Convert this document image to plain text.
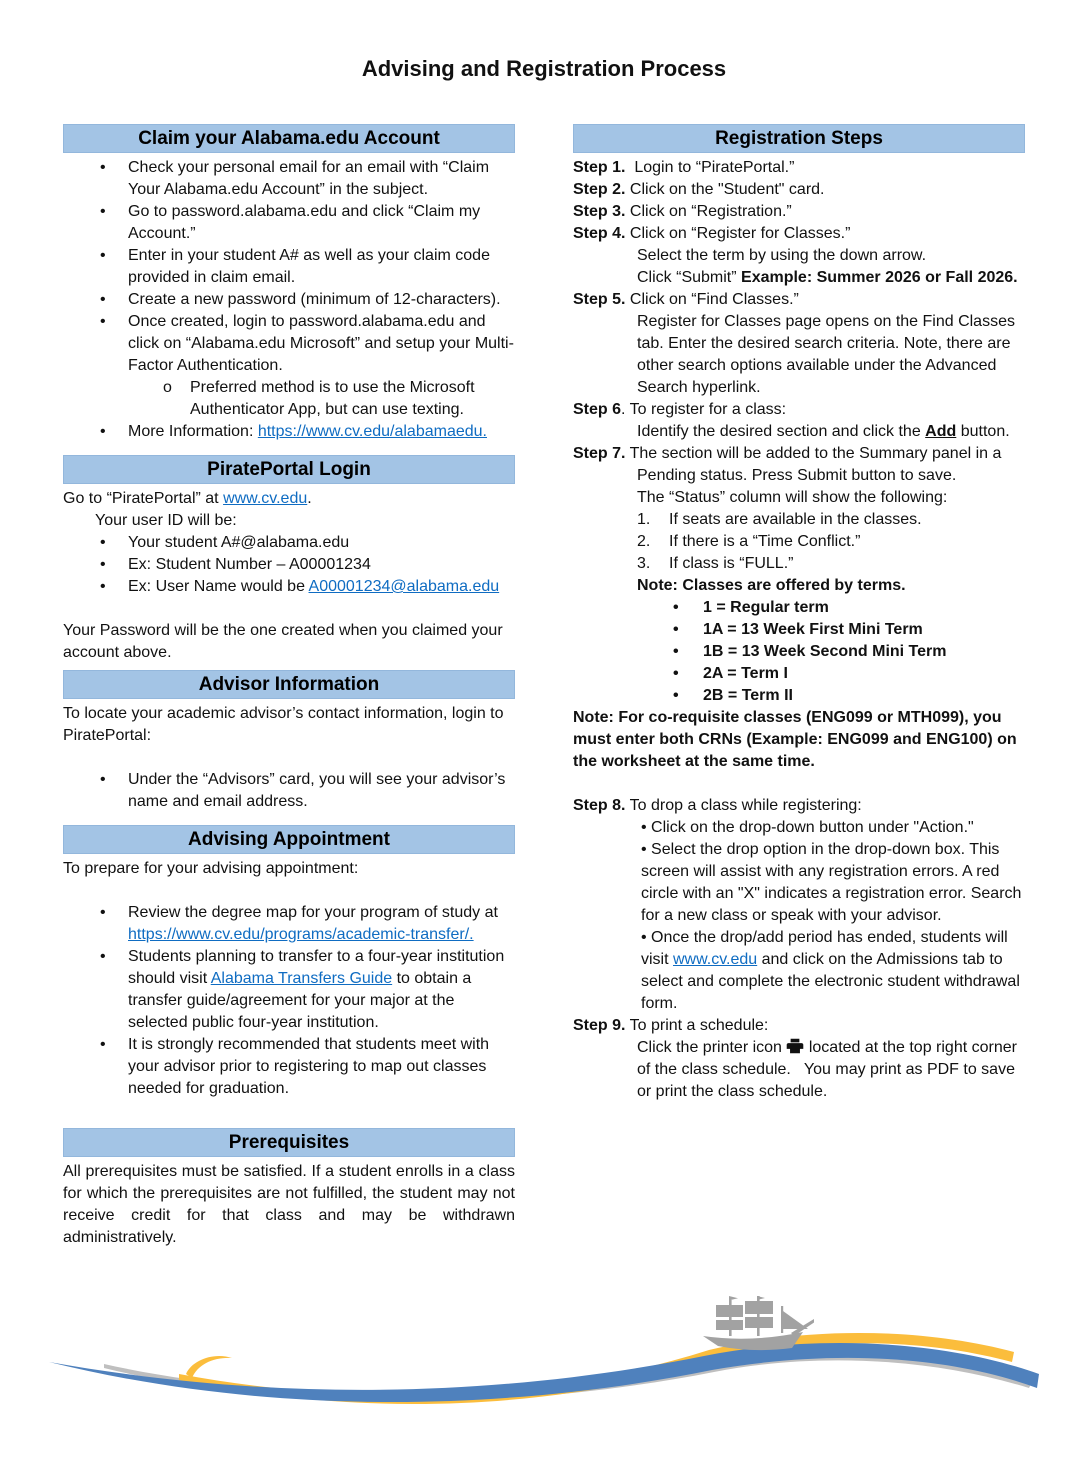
Advising and Registration Process
Claim your Alabama.edu Account
• Check your personal email for an email with “Claim Your Alabama.edu Account” in the subject.
• Go to password.alabama.edu and click “Claim my Account.”
• Enter in your student A# as well as your claim code provided in claim email.
• Create a new password (minimum of 12-characters).
• Once created, login to password.alabama.edu and click on “Alabama.edu Microsoft” and setup your Multi-Factor Authentication.
o Preferred method is to use the Microsoft Authenticator App, but can use texting.
• More Information: https://www.cv.edu/alabamaedu.
PiratePortal Login
Go to “PiratePortal” at www.cv.edu.
Your user ID will be:
• Your student A#@alabama.edu
• Ex: Student Number – A00001234
• Ex: User Name would be A00001234@alabama.edu
Your Password will be the one created when you claimed your account above.
Advisor Information
To locate your academic advisor’s contact information, login to PiratePortal:
• Under the “Advisors” card, you will see your advisor’s name and email address.
Advising Appointment
To prepare for your advising appointment:
• Review the degree map for your program of study at https://www.cv.edu/programs/academic-transfer/.
• Students planning to transfer to a four-year institution should visit Alabama Transfers Guide to obtain a transfer guide/agreement for your major at the selected public four-year institution.
• It is strongly recommended that students meet with your advisor prior to registering to map out classes needed for graduation.
Prerequisites
All prerequisites must be satisfied. If a student enrolls in a class for which the prerequisites are not fulfilled, the student may not receive credit for that class and may be withdrawn administratively.
Registration Steps
Step 1.  Login to “PiratePortal.”
Step 2. Click on the "Student" card.
Step 3. Click on “Registration.”
Step 4. Click on “Register for Classes.”
Select the term by using the down arrow.
Click “Submit” Example: Summer 2026 or Fall 2026.
Step 5. Click on “Find Classes.”
Register for Classes page opens on the Find Classes tab. Enter the desired search criteria. Note, there are other search options available under the Advanced Search hyperlink.
Step 6. To register for a class:
Identify the desired section and click the Add button.
Step 7. The section will be added to the Summary panel in a Pending status. Press Submit button to save.
The “Status” column will show the following:
1. If seats are available in the classes.
2. If there is a “Time Conflict.”
3. If class is “FULL.”
Note: Classes are offered by terms.
• 1 = Regular term
• 1A = 13 Week First Mini Term
• 1B = 13 Week Second Mini Term
• 2A = Term I
• 2B = Term II
Note: For co-requisite classes (ENG099 or MTH099), you must enter both CRNs (Example: ENG099 and ENG100) on the worksheet at the same time.
Step 8. To drop a class while registering:
• Click on the drop-down button under "Action."
• Select the drop option in the drop-down box. This screen will assist with any registration errors. A red circle with an "X" indicates a registration error. Search for a new class or speak with your advisor.
• Once the drop/add period has ended, students will visit www.cv.edu and click on the Admissions tab to select and complete the electronic student withdrawal form.
Step 9. To print a schedule:
Click the printer icon  located at the top right corner of the class schedule.   You may print as PDF to save or print the class schedule.
